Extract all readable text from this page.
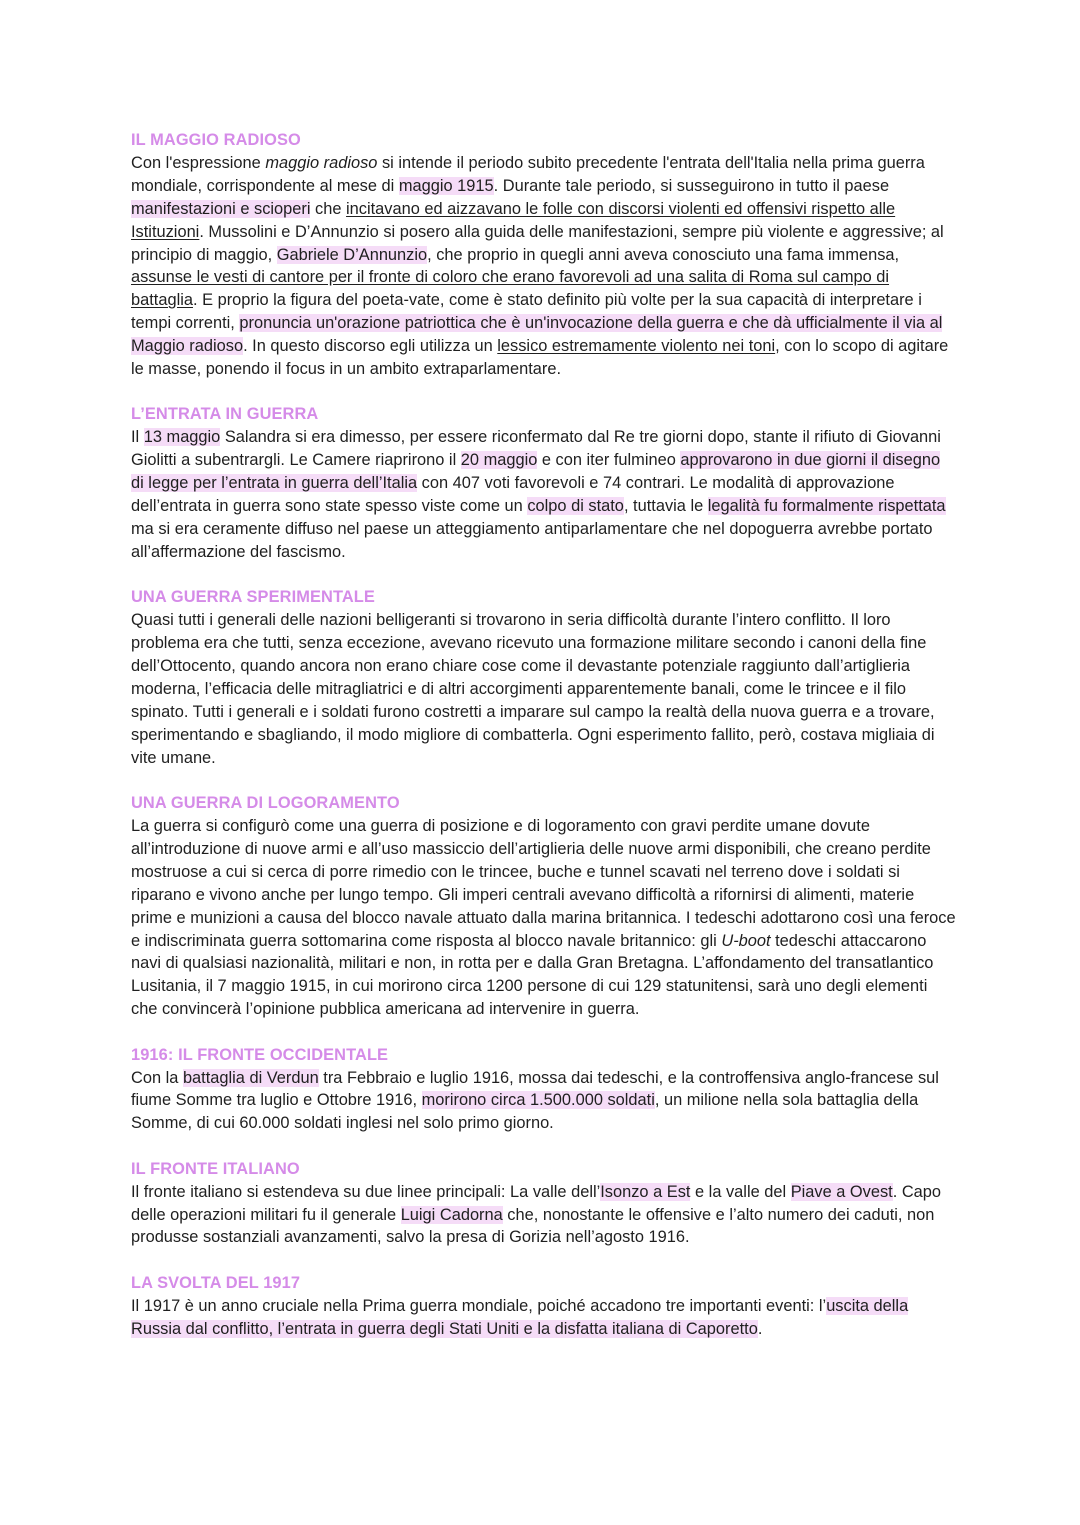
IL MAGGIO RADIOSO

Con l'espressione maggio radioso si intende il periodo subito precedente l'entrata dell'Italia nella prima guerra mondiale, corrispondente al mese di maggio 1915. Durante tale periodo, si susseguirono in tutto il paese manifestazioni e scioperi che incitavano ed aizzavano le folle con discorsi violenti ed offensivi rispetto alle Istituzioni. Mussolini e D’Annunzio si posero alla guida delle manifestazioni, sempre più violente e aggressive; al principio di maggio, Gabriele D’Annunzio, che proprio in quegli anni aveva conosciuto una fama immensa, assunse le vesti di cantore per il fronte di coloro che erano favorevoli ad una salita di Roma sul campo di battaglia. E proprio la figura del poeta-vate, come è stato definito più volte per la sua capacità di interpretare i tempi correnti, pronuncia un'orazione patriottica che è un'invocazione della guerra e che dà ufficialmente il via al Maggio radioso. In questo discorso egli utilizza un lessico estremamente violento nei toni, con lo scopo di agitare le masse, ponendo il focus in un ambito extraparlamentare.

L’ENTRATA IN GUERRA

Il 13 maggio Salandra si era dimesso, per essere riconfermato dal Re tre giorni dopo, stante il rifiuto di Giovanni Giolitti a subentrargli. Le Camere riaprirono il 20 maggio e con iter fulmineo approvarono in due giorni il disegno di legge per l’entrata in guerra dell’Italia con 407 voti favorevoli e 74 contrari. Le modalità di approvazione dell’entrata in guerra sono state spesso viste come un colpo di stato, tuttavia le legalità fu formalmente rispettata ma si era ceramente diffuso nel paese un atteggiamento antiparlamentare che nel dopoguerra avrebbe portato all’affermazione del fascismo.

UNA GUERRA SPERIMENTALE

Quasi tutti i generali delle nazioni belligeranti si trovarono in seria difficoltà durante l’intero conflitto. Il loro problema era che tutti, senza eccezione, avevano ricevuto una formazione militare secondo i canoni della fine dell’Ottocento, quando ancora non erano chiare cose come il devastante potenziale raggiunto dall’artiglieria moderna, l’efficacia delle mitragliatrici e di altri accorgimenti apparentemente banali, come le trincee e il filo spinato. Tutti i generali e i soldati furono costretti a imparare sul campo la realtà della nuova guerra e a trovare, sperimentando e sbagliando, il modo migliore di combatterla. Ogni esperimento fallito, però, costava migliaia di vite umane.

UNA GUERRA DI LOGORAMENTO

La guerra si configurò come una guerra di posizione e di logoramento con gravi perdite umane dovute all’introduzione di nuove armi e all’uso massiccio dell’artiglieria delle nuove armi disponibili, che creano perdite mostruose a cui si cerca di porre rimedio con le trincee, buche e tunnel scavati nel terreno dove i soldati si riparano e vivono anche per lungo tempo. Gli imperi centrali avevano difficoltà a rifornirsi di alimenti, materie prime e munizioni a causa del blocco navale attuato dalla marina britannica. I tedeschi adottarono così una feroce e indiscriminata guerra sottomarina come risposta al blocco navale britannico: gli U-boot tedeschi attaccarono navi di qualsiasi nazionalità, militari e non, in rotta per e dalla Gran Bretagna. L’affondamento del transatlantico Lusitania, il 7 maggio 1915, in cui morirono circa 1200 persone di cui 129 statunitensi, sarà uno degli elementi che convincerà l’opinione pubblica americana ad intervenire in guerra.

1916: IL FRONTE OCCIDENTALE

Con la battaglia di Verdun tra Febbraio e luglio 1916, mossa dai tedeschi, e la controffensiva anglo-francese sul fiume Somme tra luglio e Ottobre 1916, morirono circa 1.500.000 soldati, un milione nella sola battaglia della Somme, di cui 60.000 soldati inglesi nel solo primo giorno.

IL FRONTE ITALIANO

Il fronte italiano si estendeva su due linee principali: La valle dell’Isonzo a Est e la valle del Piave a Ovest. Capo delle operazioni militari fu il generale Luigi Cadorna che, nonostante le offensive e l’alto numero dei caduti, non produsse sostanziali avanzamenti, salvo la presa di Gorizia nell’agosto 1916.

LA SVOLTA DEL 1917

Il 1917 è un anno cruciale nella Prima guerra mondiale, poiché accadono tre importanti eventi: l’uscita della Russia dal conflitto, l’entrata in guerra degli Stati Uniti e la disfatta italiana di Caporetto.
